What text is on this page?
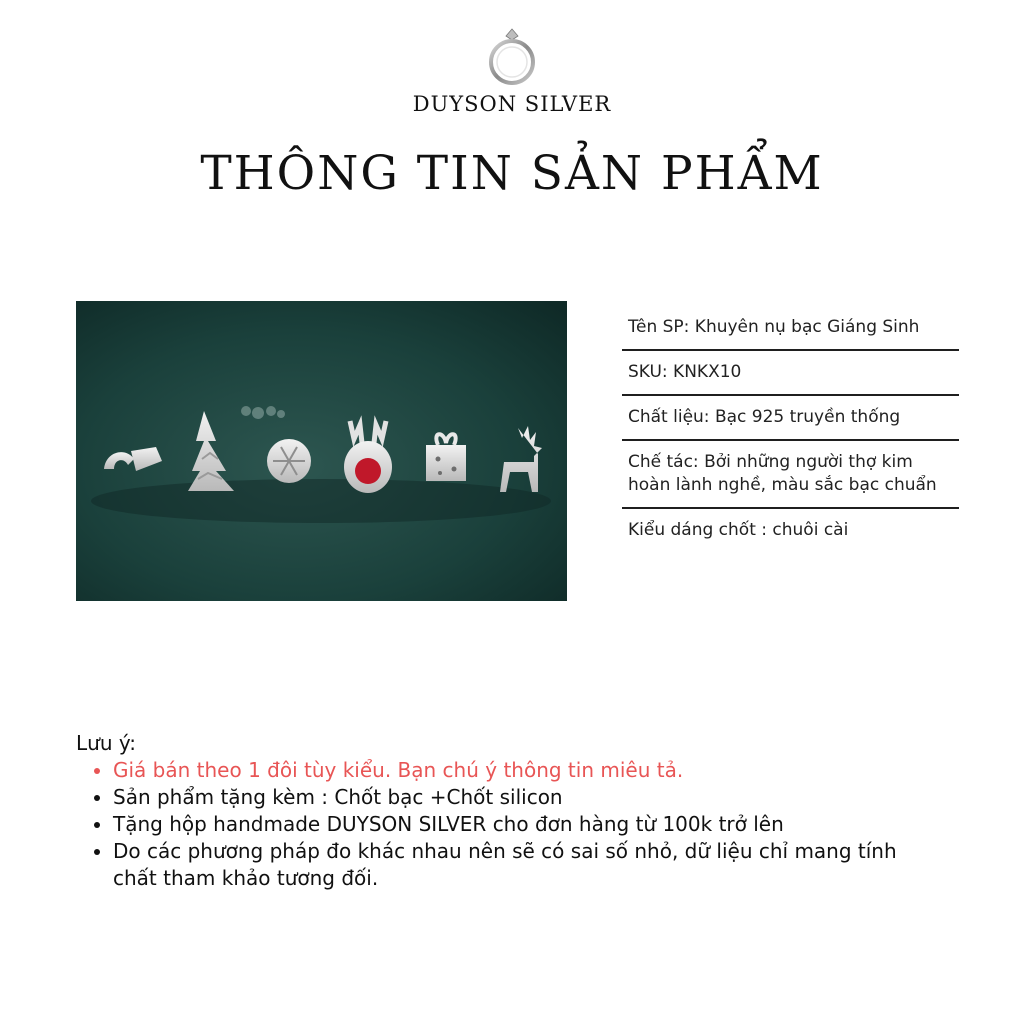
DUYSON SILVER
THÔNG TIN SẢN PHẨM
Tên SP: Khuyên nụ bạc Giáng Sinh
SKU: KNKX10
Chất liệu: Bạc 925 truyền thống
Chế tác: Bởi những người thợ kim hoàn lành nghề, màu sắc bạc chuẩn
Kiểu dáng chốt : chuôi cài
Lưu ý:
• Giá bán theo 1 đôi tùy kiểu. Bạn chú ý thông tin miêu tả.
• Sản phẩm tặng kèm : Chốt bạc +Chốt silicon
• Tặng hộp handmade DUYSON SILVER cho đơn hàng từ 100k trở lên
• Do các phương pháp đo khác nhau nên sẽ có sai số nhỏ, dữ liệu chỉ mang tính chất tham khảo tương đối.
